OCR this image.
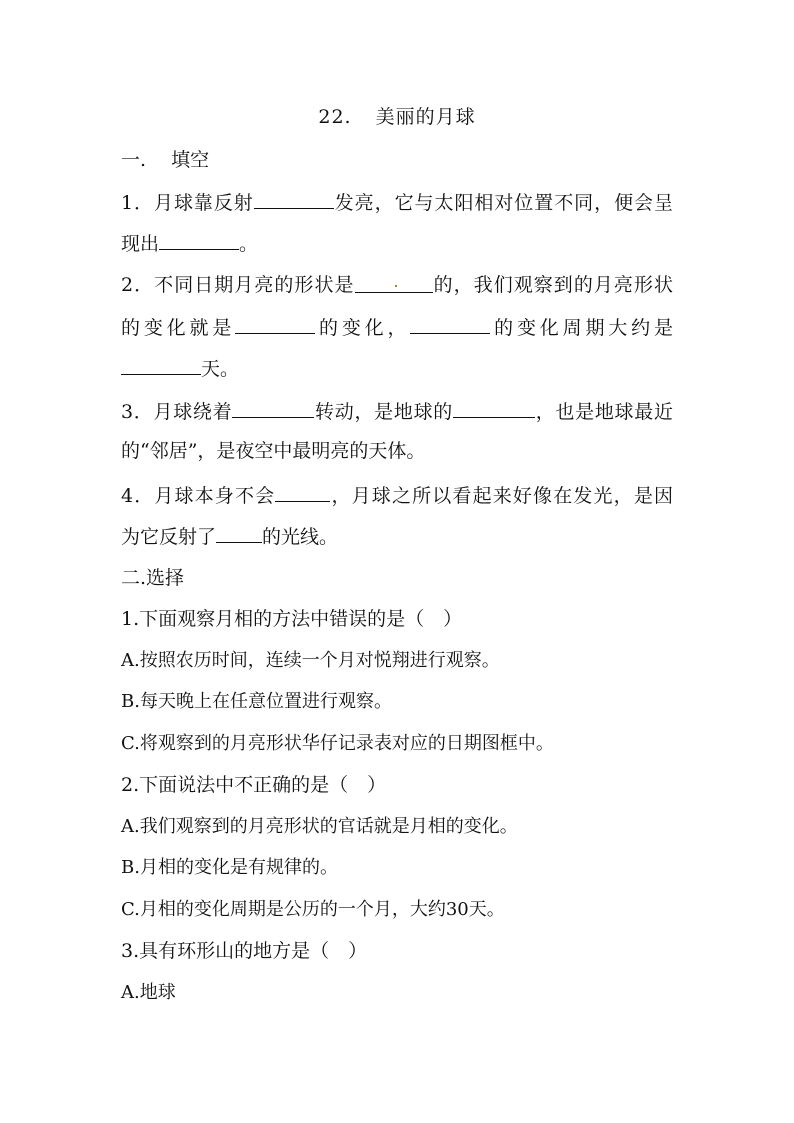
22. 美丽的月球
一.　 填空
1．月球靠反射	发亮，它与太阳相对位置不同，便会呈
现出	。
2．不同日期月亮的形状是	的，我们观察到的月亮形状
的变化就是	的变化，	的变化周期大约是
天。
3．月球绕着	转动，是地球的	，也是地球最近
的“邻居”，是夜空中最明亮的天体。
4．月球本身不会	，月球之所以看起来好像在发光，是因
为它反射了 的光线。
二.选择
1.下面观察月相的方法中错误的是（　）
A.按照农历时间，连续一个月对悦翔进行观察。
B.每天晚上在任意位置进行观察。
C.将观察到的月亮形状华仔记录表对应的日期图框中。
2.下面说法中不正确的是（　）
A.我们观察到的月亮形状的官话就是月相的变化。
B.月相的变化是有规律的。
C.月相的变化周期是公历的一个月，大约30天。
3.具有环形山的地方是（　）
A.地球
